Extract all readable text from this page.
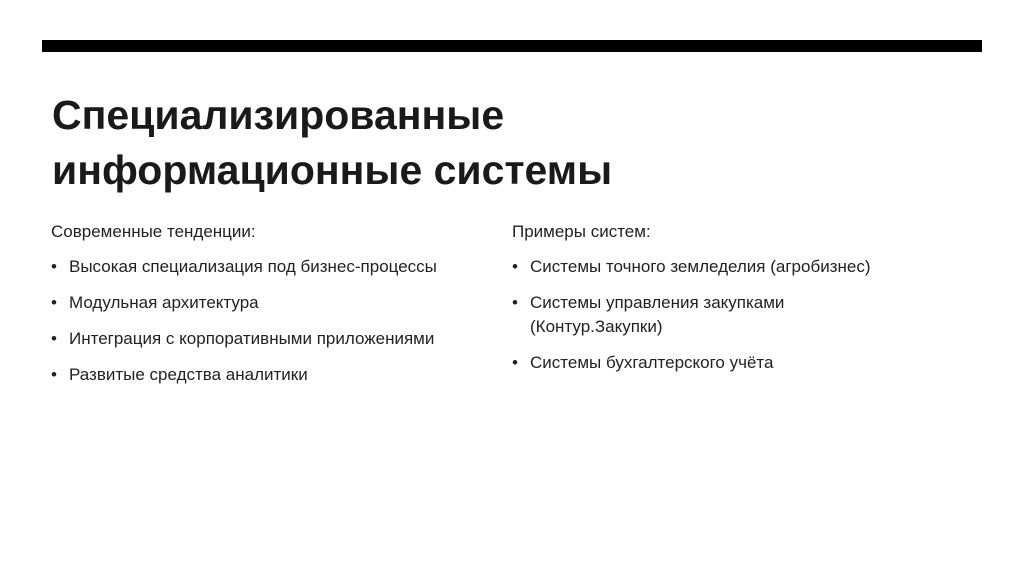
Специализированные
информационные системы

Современные тенденции:

• Высокая специализация под бизнес-процессы
• Модульная архитектура
• Интеграция с корпоративными приложениями
• Развитые средства аналитики

Примеры систем:

• Системы точного земледелия (агробизнес)
• Системы управления закупками (Контур.Закупки)
• Системы бухгалтерского учёта
